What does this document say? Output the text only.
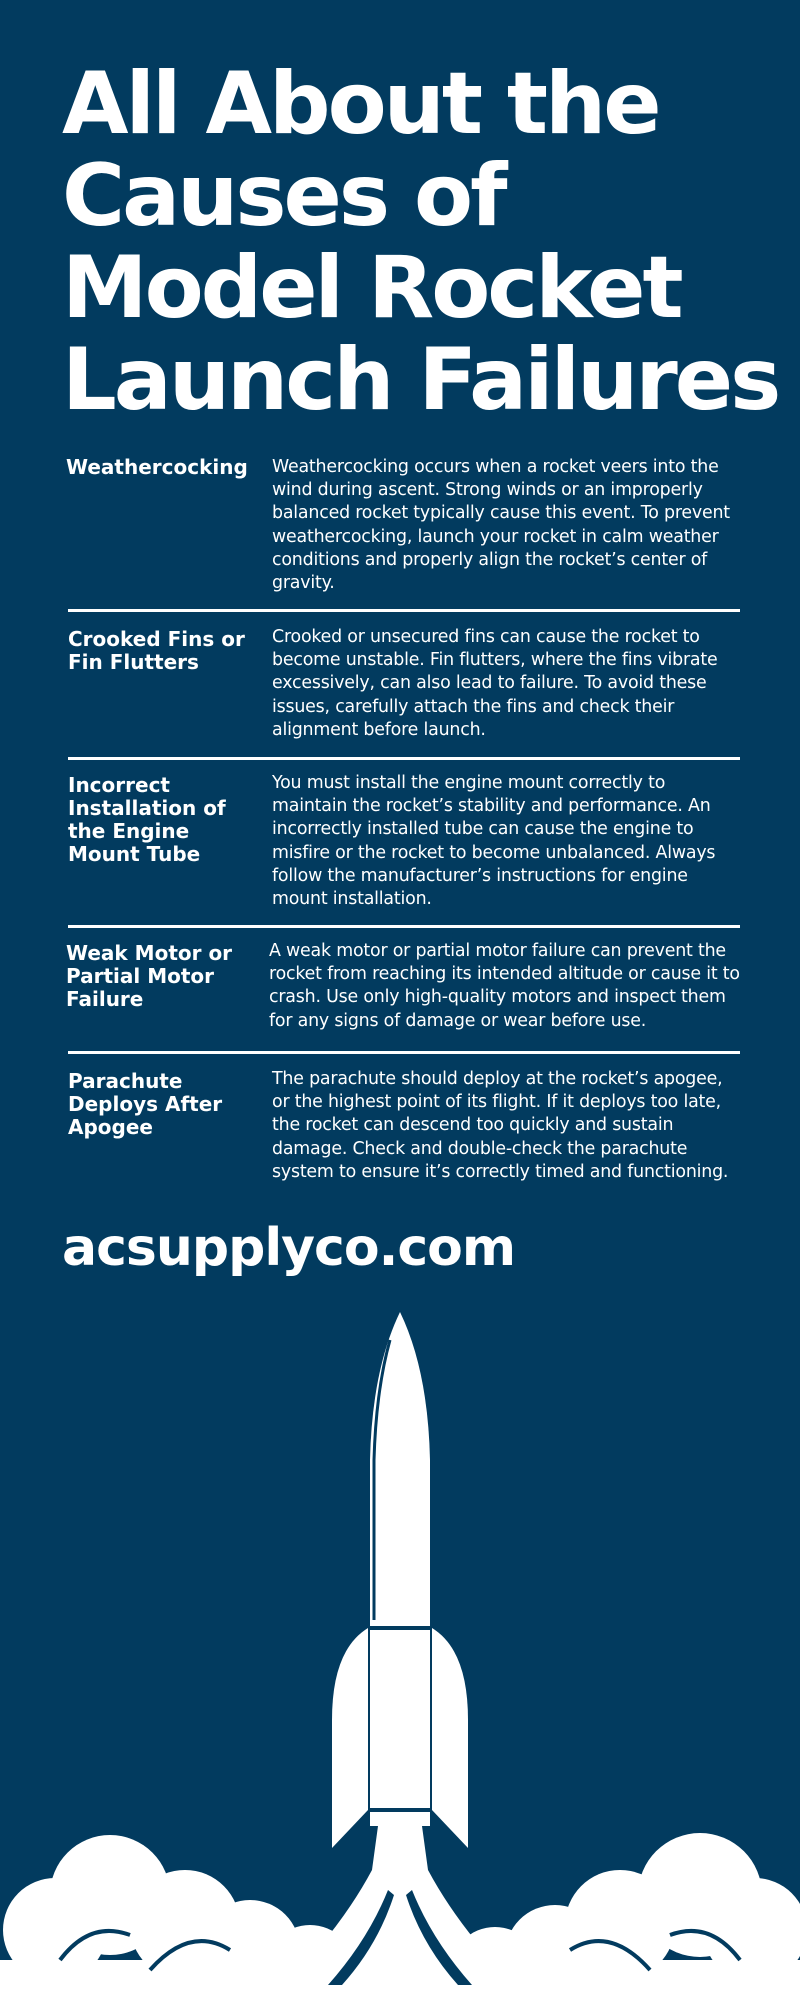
All About the
Causes of
Model Rocket
Launch Failures
Weathercocking	Weathercocking occurs when a rocket veers into the wind during ascent. Strong winds or an improperly balanced rocket typically cause this event. To prevent weathercocking, launch your rocket in calm weather conditions and properly align the rocket’s center of gravity.
Crooked Fins or Fin Flutters
Crooked or unsecured fins can cause the rocket to become unstable. Fin flutters, where the fins vibrate excessively, can also lead to failure. To avoid these issues, carefully attach the fins and check their alignment before launch.
Incorrect Installation of the Engine Mount Tube
You must install the engine mount correctly to maintain the rocket’s stability and performance. An incorrectly installed tube can cause the engine to misfire or the rocket to become unbalanced. Always follow the manufacturer’s instructions for engine mount installation.
Weak Motor or Partial Motor Failure
A weak motor or partial motor failure can prevent the rocket from reaching its intended altitude or cause it to crash. Use only high-quality motors and inspect them for any signs of damage or wear before use.
Parachute Deploys After Apogee
The parachute should deploy at the rocket’s apogee, or the highest point of its flight. If it deploys too late, the rocket can descend too quickly and sustain damage. Check and double-check the parachute system to ensure it’s correctly timed and functioning.
acsupplyco.com
